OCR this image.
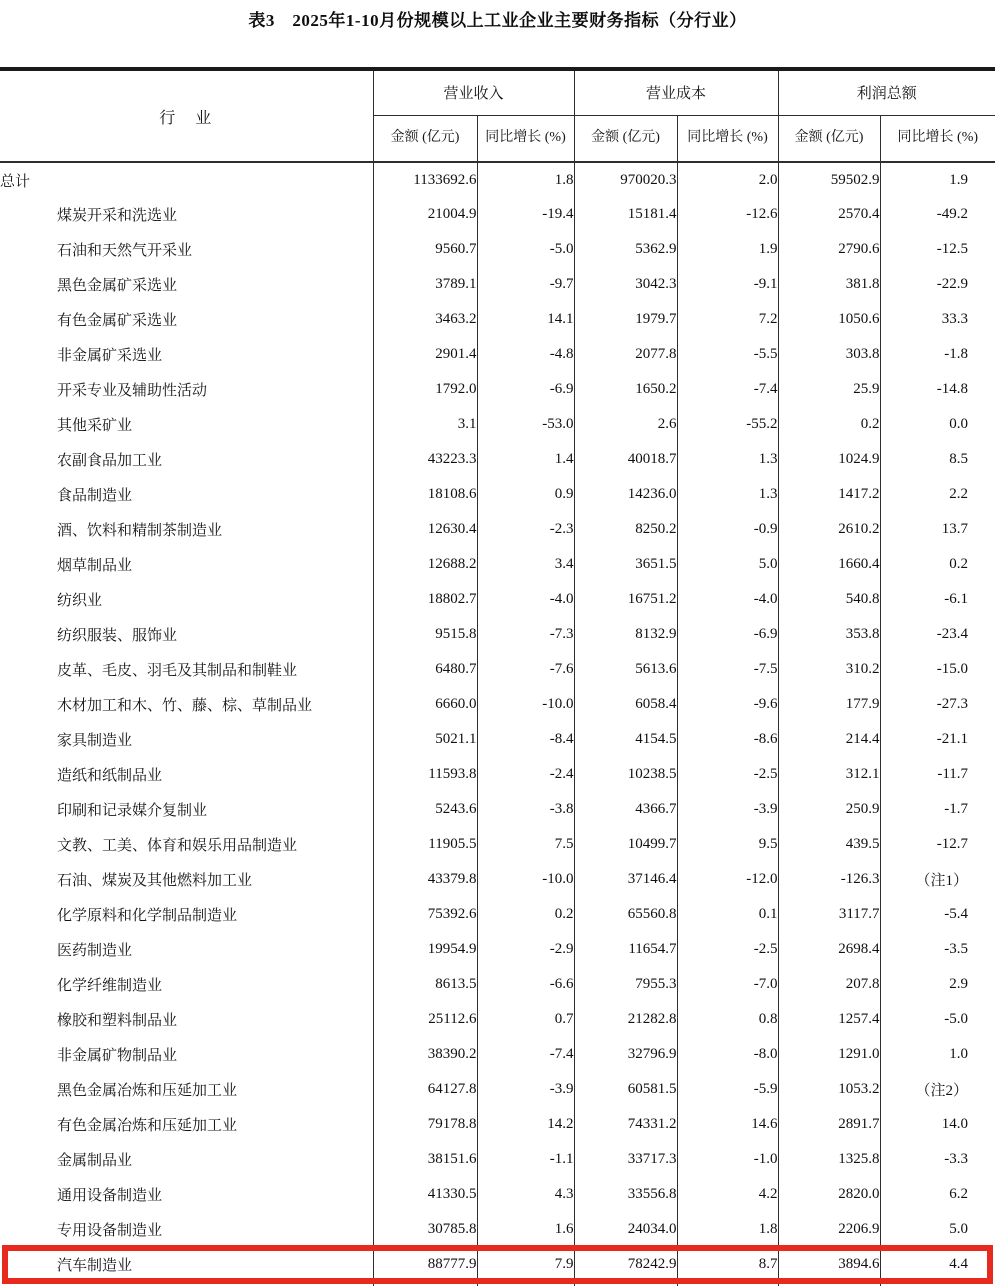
表3　2025年1-10月份规模以上工业企业主要财务指标（分行业）
行　业	营业收入		营业成本		利润总额	
	金额 (亿元)	同比增长 (%)	金额 (亿元)	同比增长 (%)	金额 (亿元)	同比增长 (%)
总计	1133692.6	1.8	970020.3	2.0	59502.9	1.9
煤炭开采和洗选业	21004.9	-19.4	15181.4	-12.6	2570.4	-49.2
石油和天然气开采业	9560.7	-5.0	5362.9	1.9	2790.6	-12.5
黑色金属矿采选业	3789.1	-9.7	3042.3	-9.1	381.8	-22.9
有色金属矿采选业	3463.2	14.1	1979.7	7.2	1050.6	33.3
非金属矿采选业	2901.4	-4.8	2077.8	-5.5	303.8	-1.8
开采专业及辅助性活动	1792.0	-6.9	1650.2	-7.4	25.9	-14.8
其他采矿业	3.1	-53.0	2.6	-55.2	0.2	0.0
农副食品加工业	43223.3	1.4	40018.7	1.3	1024.9	8.5
食品制造业	18108.6	0.9	14236.0	1.3	1417.2	2.2
酒、饮料和精制茶制造业	12630.4	-2.3	8250.2	-0.9	2610.2	13.7
烟草制品业	12688.2	3.4	3651.5	5.0	1660.4	0.2
纺织业	18802.7	-4.0	16751.2	-4.0	540.8	-6.1
纺织服装、服饰业	9515.8	-7.3	8132.9	-6.9	353.8	-23.4
皮革、毛皮、羽毛及其制品和制鞋业	6480.7	-7.6	5613.6	-7.5	310.2	-15.0
木材加工和木、竹、藤、棕、草制品业	6660.0	-10.0	6058.4	-9.6	177.9	-27.3
家具制造业	5021.1	-8.4	4154.5	-8.6	214.4	-21.1
造纸和纸制品业	11593.8	-2.4	10238.5	-2.5	312.1	-11.7
印刷和记录媒介复制业	5243.6	-3.8	4366.7	-3.9	250.9	-1.7
文教、工美、体育和娱乐用品制造业	11905.5	7.5	10499.7	9.5	439.5	-12.7
石油、煤炭及其他燃料加工业	43379.8	-10.0	37146.4	-12.0	-126.3	（注1）
化学原料和化学制品制造业	75392.6	0.2	65560.8	0.1	3117.7	-5.4
医药制造业	19954.9	-2.9	11654.7	-2.5	2698.4	-3.5
化学纤维制造业	8613.5	-6.6	7955.3	-7.0	207.8	2.9
橡胶和塑料制品业	25112.6	0.7	21282.8	0.8	1257.4	-5.0
非金属矿物制品业	38390.2	-7.4	32796.9	-8.0	1291.0	1.0
黑色金属冶炼和压延加工业	64127.8	-3.9	60581.5	-5.9	1053.2	（注2）
有色金属冶炼和压延加工业	79178.8	14.2	74331.2	14.6	2891.7	14.0
金属制品业	38151.6	-1.1	33717.3	-1.0	1325.8	-3.3
通用设备制造业	41330.5	4.3	33556.8	4.2	2820.0	6.2
专用设备制造业	30785.8	1.6	24034.0	1.8	2206.9	5.0
汽车制造业	88777.9	7.9	78242.9	8.7	3894.6	4.4
